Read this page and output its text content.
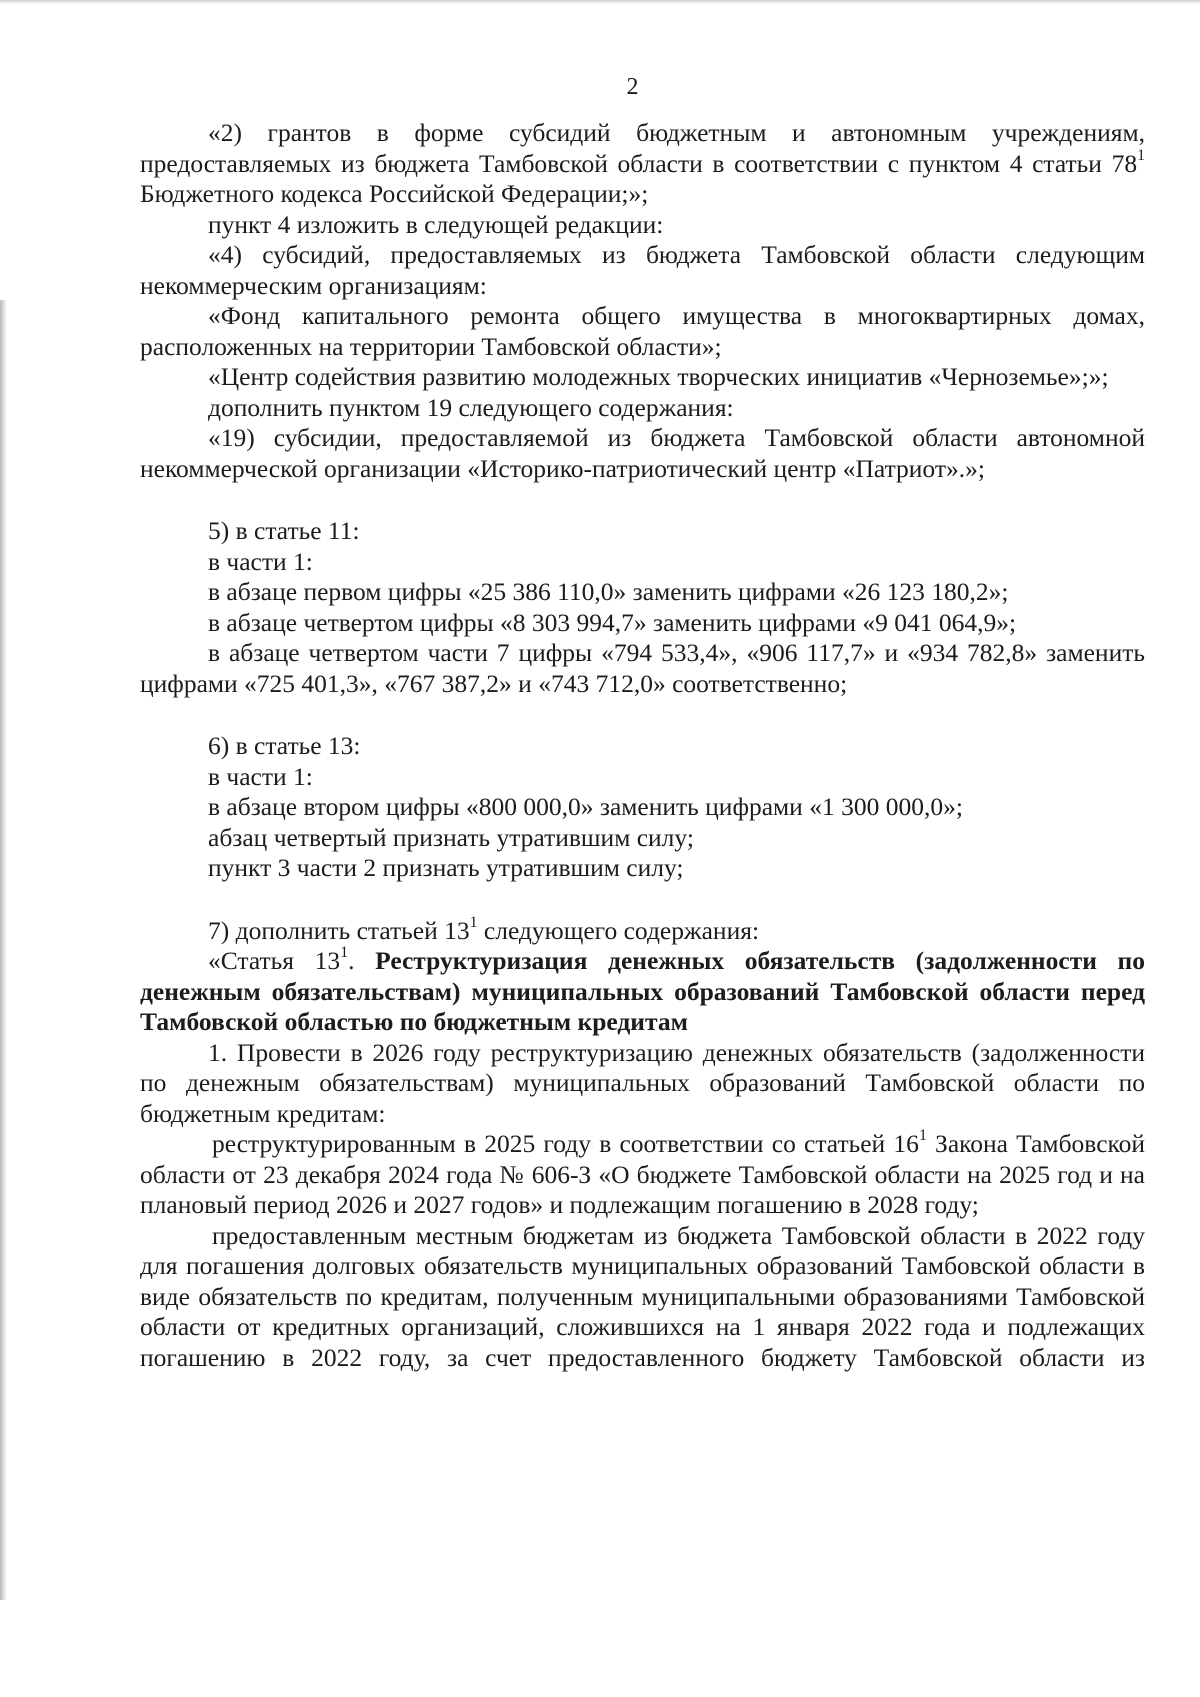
2

«2) грантов в форме субсидий бюджетным и автономным учреждениям, предоставляемых из бюджета Тамбовской области в соответствии с пунктом 4 статьи $78^1$ Бюджетного кодекса Российской Федерации;»;

пункт 4 изложить в следующей редакции:

«4) субсидий, предоставляемых из бюджета Тамбовской области следующим некоммерческим организациям:

«Фонд капитального ремонта общего имущества в многоквартирных домах, расположенных на территории Тамбовской области»;

«Центр содействия развитию молодежных творческих инициатив «Черноземье»;»;

дополнить пунктом 19 следующего содержания:

«19) субсидии, предоставляемой из бюджета Тамбовской области автономной некоммерческой организации «Историко-патриотический центр «Патриот».»;

5) в статье 11:

в части 1:

в абзаце первом цифры «25 386 110,0» заменить цифрами «26 123 180,2»;

в абзаце четвертом цифры «8 303 994,7» заменить цифрами «9 041 064,9»;

в абзаце четвертом части 7 цифры «794 533,4», «906 117,7» и «934 782,8» заменить цифрами «725 401,3», «767 387,2» и «743 712,0» соответственно;

6) в статье 13:

в части 1:

в абзаце втором цифры «800 000,0» заменить цифрами «1 300 000,0»;

абзац четвертый признать утратившим силу;

пункт 3 части 2 признать утратившим силу;

7) дополнить статьей $13^1$ следующего содержания:

«Статья $13^1$. Реструктуризация денежных обязательств (задолженности по денежным обязательствам) муниципальных образований Тамбовской области перед Тамбовской областью по бюджетным кредитам

1. Провести в 2026 году реструктуризацию денежных обязательств (задолженности по денежным обязательствам) муниципальных образований Тамбовской области по бюджетным кредитам:

реструктурированным в 2025 году в соответствии со статьей $16^1$ Закона Тамбовской области от 23 декабря 2024 года № 606-З «О бюджете Тамбовской области на 2025 год и на плановый период 2026 и 2027 годов» и подлежащим погашению в 2028 году;

предоставленным местным бюджетам из бюджета Тамбовской области в 2022 году для погашения долговых обязательств муниципальных образований Тамбовской области в виде обязательств по кредитам, полученным муниципальными образованиями Тамбовской области от кредитных организаций, сложившихся на 1 января 2022 года и подлежащих погашению в 2022 году, за счет предоставленного бюджету Тамбовской области из
